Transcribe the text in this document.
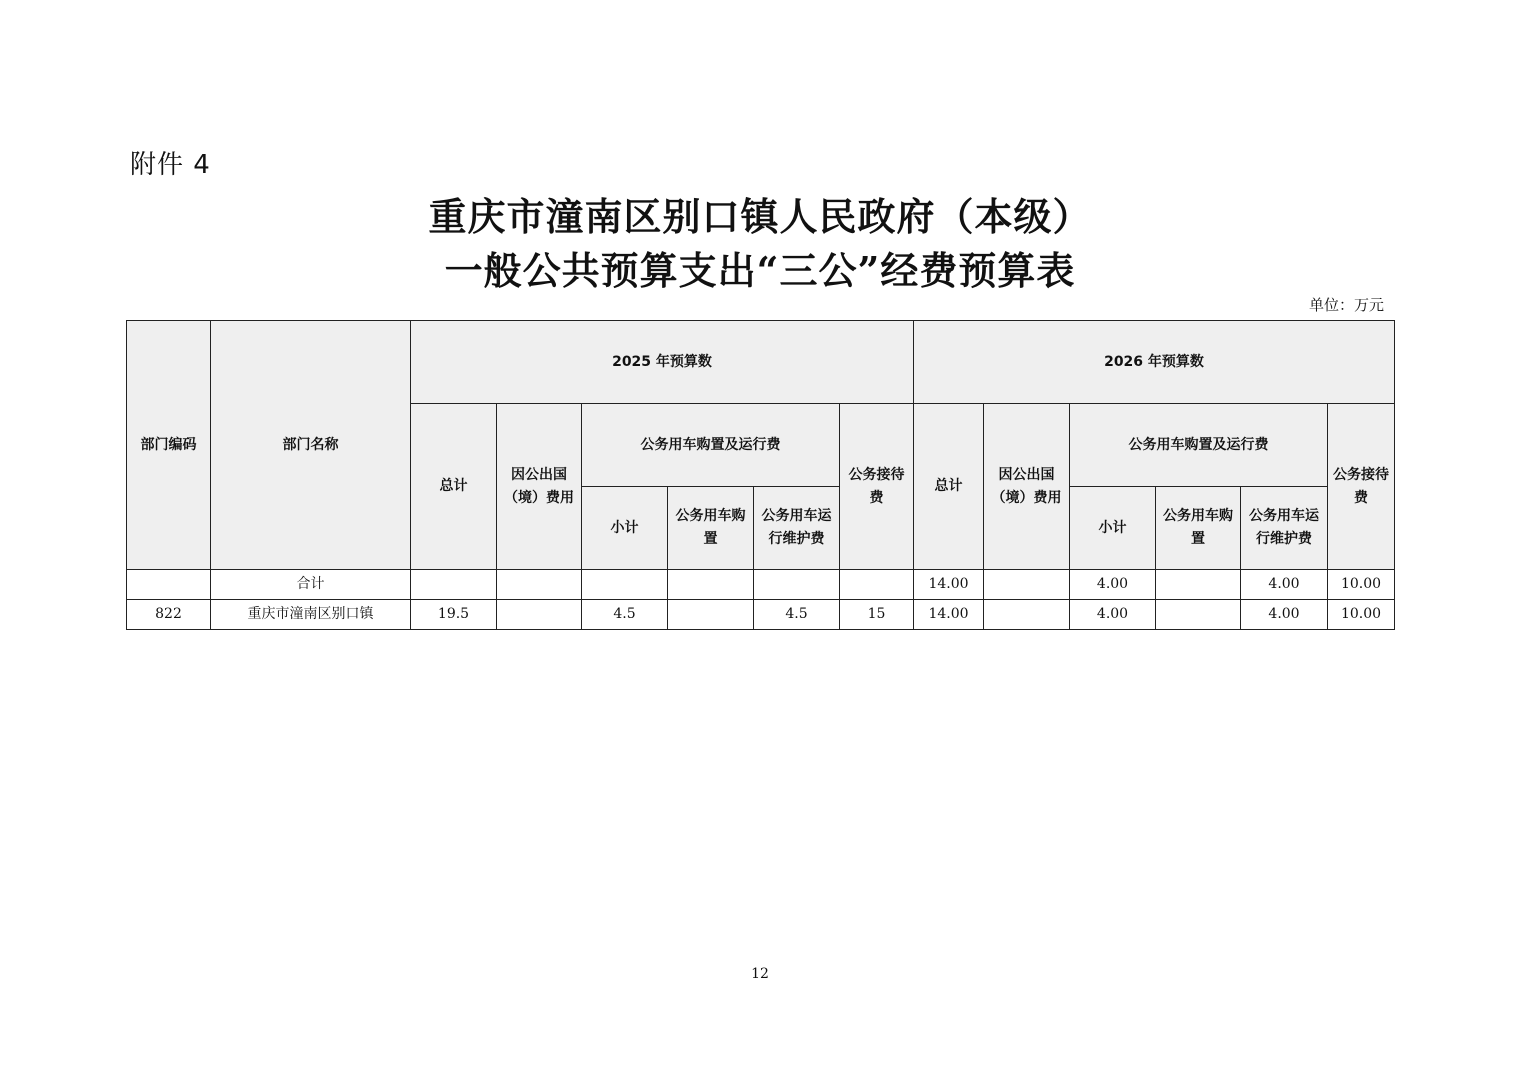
附件 4
重庆市潼南区别口镇人民政府（本级）
一般公共预算支出“三公”经费预算表
单位：万元
部门编码	部门名称	2025 年预算数						2026 年预算数					
		总计	因公出国（境）费用	公务用车购置及运行费			公务接待费	总计	因公出国（境）费用	公务用车购置及运行费			公务接待费
				小计	公务用车购置	公务用车运行维护费				小计	公务用车购置	公务用车运行维护费	
	合计							14.00		4.00		4.00	10.00
822	重庆市潼南区别口镇	19.5		4.5		4.5	15	14.00		4.00		4.00	10.00
12
